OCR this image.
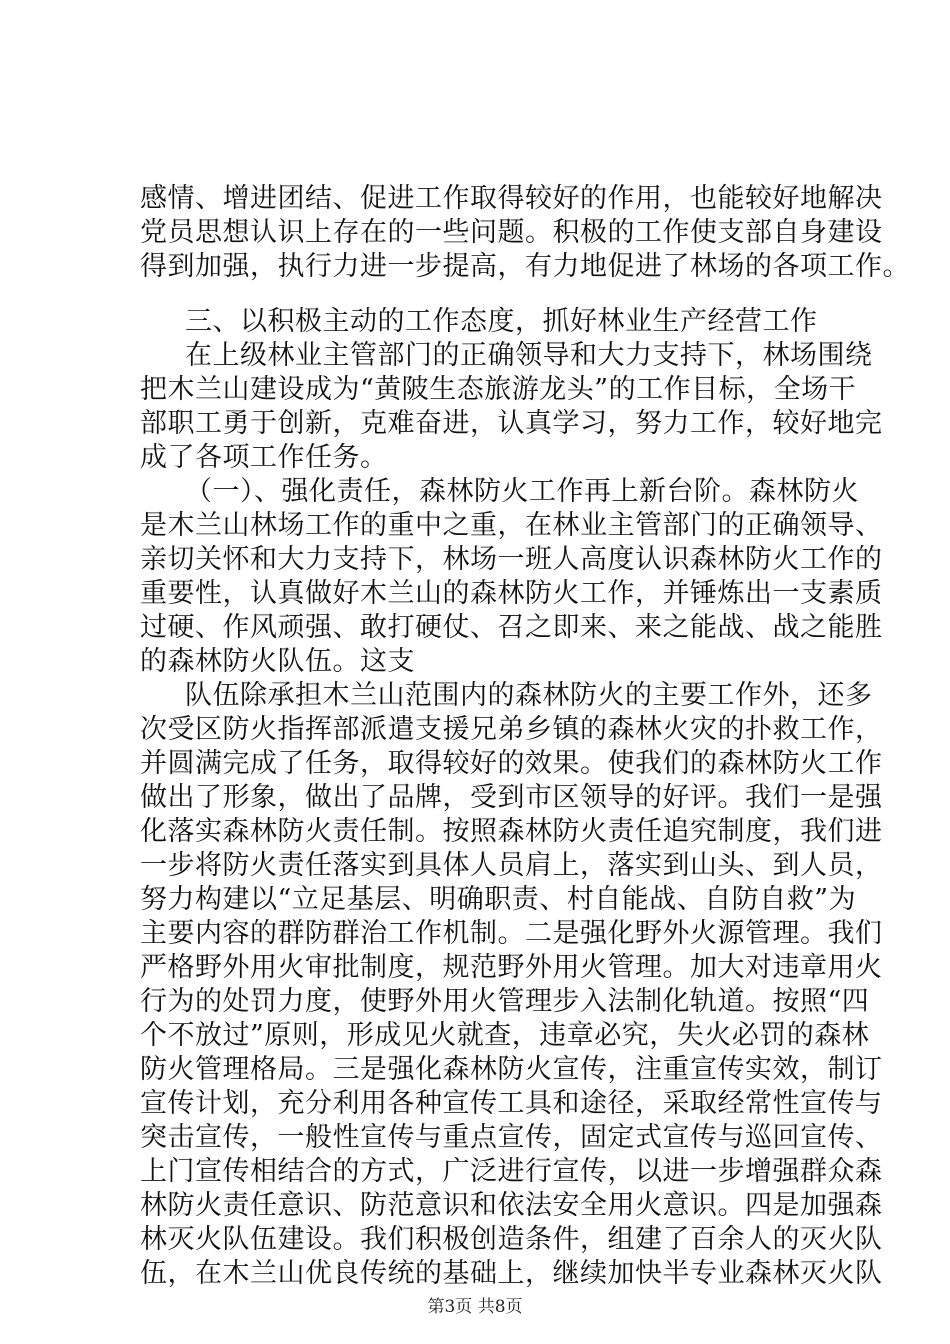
感情、增进团结、促进工作取得较好的作用，也能较好地解决
党员思想认识上存在的一些问题。积极的工作使支部自身建设
得到加强，执行力进一步提高，有力地促进了林场的各项工作。
三、以积极主动的工作态度，抓好林业生产经营工作
在上级林业主管部门的正确领导和大力支持下，林场围绕
把木兰山建设成为“黄陂生态旅游龙头”的工作目标，全场干
部职工勇于创新，克难奋进，认真学习，努力工作，较好地完
成了各项工作任务。
（一）、强化责任，森林防火工作再上新台阶。森林防火
是木兰山林场工作的重中之重，在林业主管部门的正确领导、
亲切关怀和大力支持下，林场一班人高度认识森林防火工作的
重要性，认真做好木兰山的森林防火工作，并锤炼出一支素质
过硬、作风顽强、敢打硬仗、召之即来、来之能战、战之能胜
的森林防火队伍。这支
队伍除承担木兰山范围内的森林防火的主要工作外，还多
次受区防火指挥部派遣支援兄弟乡镇的森林火灾的扑救工作，
并圆满完成了任务，取得较好的效果。使我们的森林防火工作
做出了形象，做出了品牌，受到市区领导的好评。我们一是强
化落实森林防火责任制。按照森林防火责任追究制度，我们进
一步将防火责任落实到具体人员肩上，落实到山头、到人员，
努力构建以“立足基层、明确职责、村自能战、自防自救”为
主要内容的群防群治工作机制。二是强化野外火源管理。我们
严格野外用火审批制度，规范野外用火管理。加大对违章用火
行为的处罚力度，使野外用火管理步入法制化轨道。按照“四
个不放过”原则，形成见火就查，违章必究，失火必罚的森林
防火管理格局。三是强化森林防火宣传，注重宣传实效，制订
宣传计划，充分利用各种宣传工具和途径，采取经常性宣传与
突击宣传，一般性宣传与重点宣传，固定式宣传与巡回宣传、
上门宣传相结合的方式，广泛进行宣传，以进一步增强群众森
林防火责任意识、防范意识和依法安全用火意识。四是加强森
林灭火队伍建设。我们积极创造条件，组建了百余人的灭火队
伍，在木兰山优良传统的基础上，继续加快半专业森林灭火队
第3页 共8页
